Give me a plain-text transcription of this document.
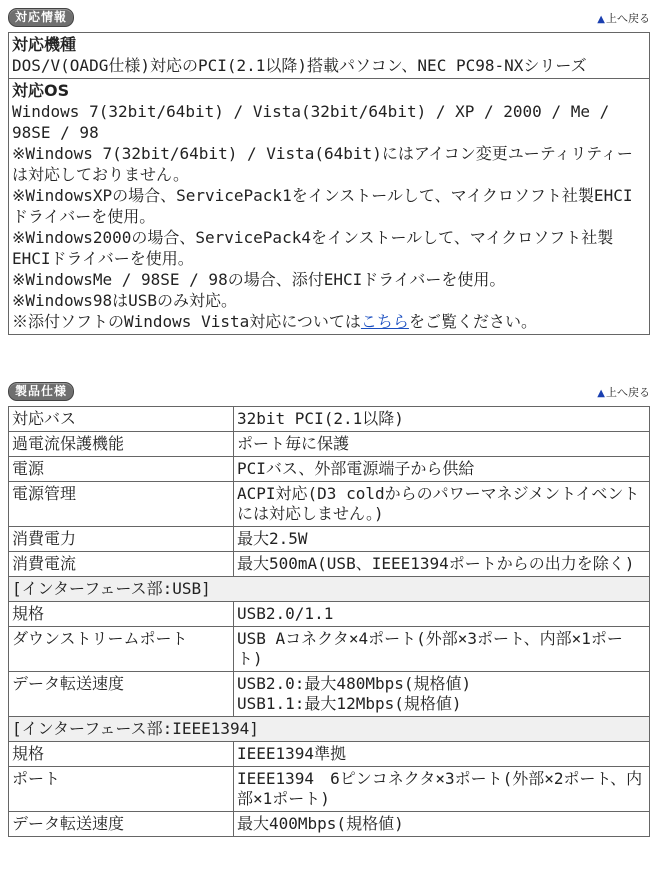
対応情報	▲上へ戻る
対応機種
DOS/V(OADG仕様)対応のPCI(2.1以降)搭載パソコン、NEC PC98-NXシリーズ
対応OS
Windows 7(32bit/64bit) / Vista(32bit/64bit) / XP / 2000 / Me / 98SE / 98
※Windows 7(32bit/64bit) / Vista(64bit)にはアイコン変更ユーティリティーは対応しておりません。
※WindowsXPの場合、ServicePack1をインストールして、マイクロソフト社製EHCIドライバーを使用。
※Windows2000の場合、ServicePack4をインストールして、マイクロソフト社製EHCIドライバーを使用。
※WindowsMe / 98SE / 98の場合、添付EHCIドライバーを使用。
※Windows98はUSBのみ対応。
※添付ソフトのWindows Vista対応についてはこちらをご覧ください。
製品仕様	▲上へ戻る
対応バス	32bit PCI(2.1以降)
過電流保護機能	ポート毎に保護
電源	PCIバス、外部電源端子から供給
電源管理	ACPI対応(D3 coldからのパワーマネジメントイベントには対応しません。)
消費電力	最大2.5W
消費電流	最大500mA(USB、IEEE1394ポートからの出力を除く)
[インターフェース部:USB]	
規格	USB2.0/1.1
ダウンストリームポート	USB Aコネクタ×4ポート(外部×3ポート、内部×1ポート)
データ転送速度	USB2.0:最大480Mbps(規格値)
USB1.1:最大12Mbps(規格値)

[インターフェース部:IEEE1394]	
規格	IEEE1394準拠
ポート	IEEE1394　6ピンコネクタ×3ポート(外部×2ポート、内部×1ポート)
データ転送速度	最大400Mbps(規格値)
